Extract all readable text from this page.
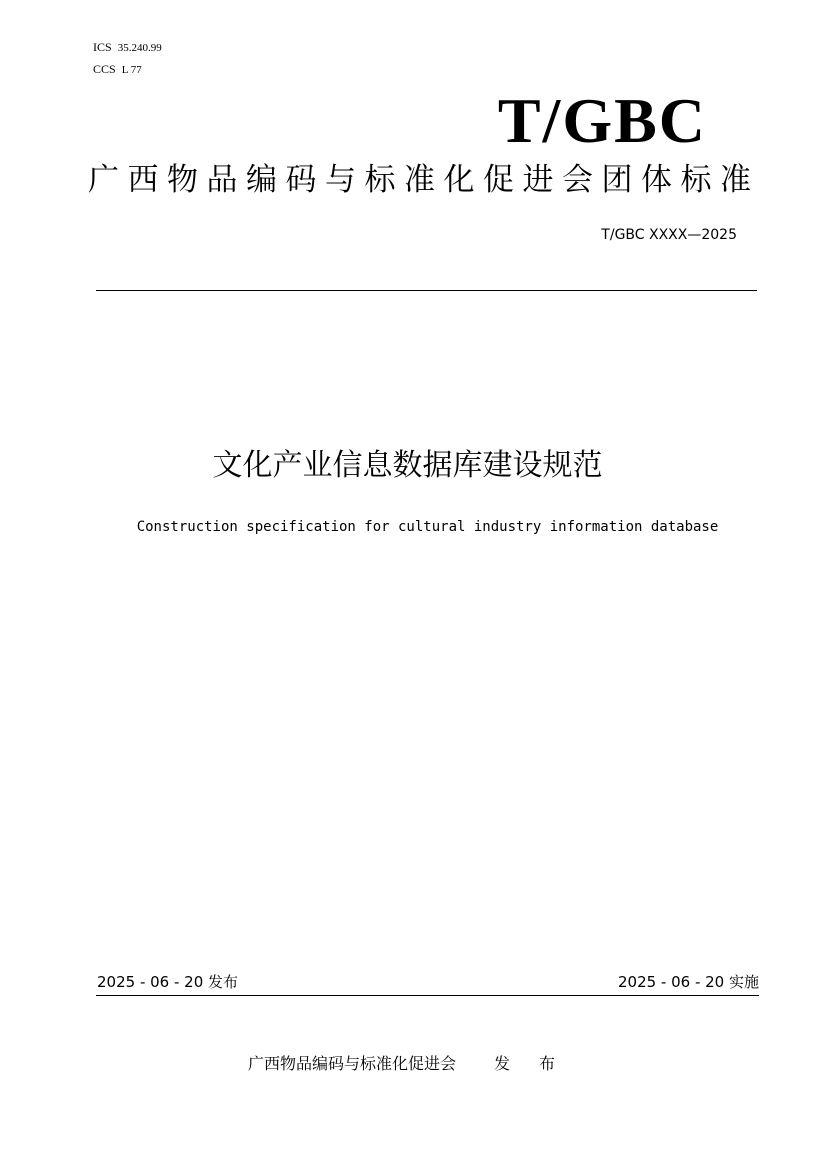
ICS 35.240.99
CCS L 77
T/GBC
广西物品编码与标准化促进会团体标准
T/GBC XXXX—2025
文化产业信息数据库建设规范
Construction specification for cultural industry information database
2025 - 06 - 20 发布	2025 - 06 - 20 实施
广西物品编码与标准化促进会 发 布
